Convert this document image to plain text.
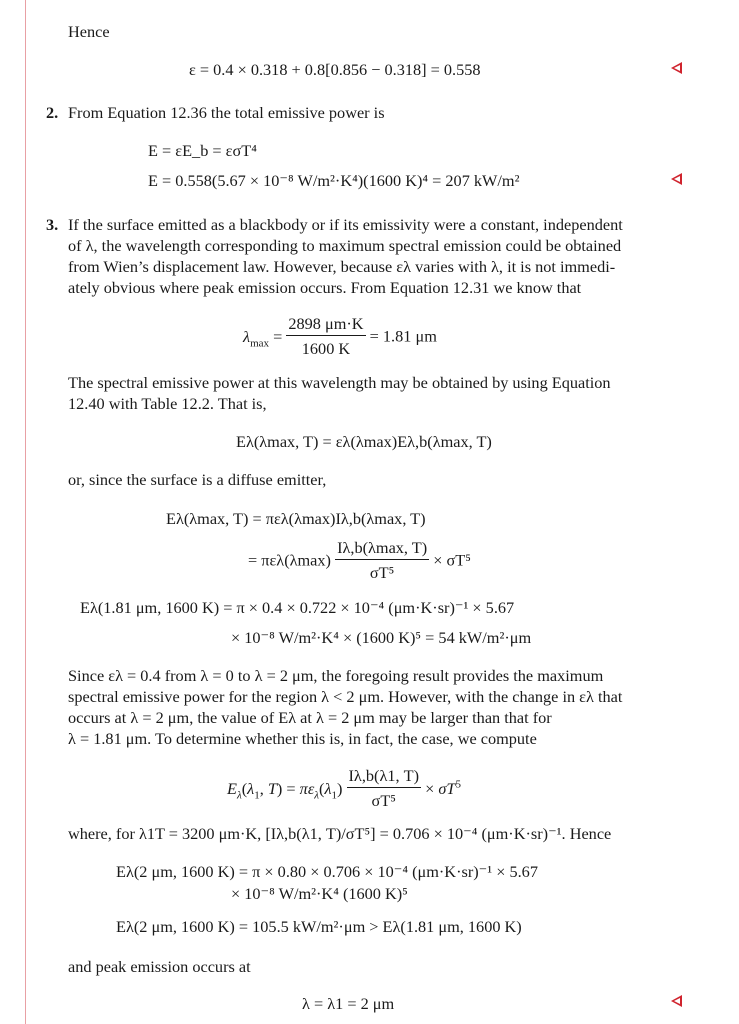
Hence
ε = 0.4 × 0.318 + 0.8[0.856 − 0.318] = 0.558
2. From Equation 12.36 the total emissive power is
E = εE_b = εσT⁴
E = 0.558(5.67 × 10⁻⁸ W/m²·K⁴)(1600 K)⁴ = 207 kW/m²
3. If the surface emitted as a blackbody or if its emissivity were a constant, independent
of λ, the wavelength corresponding to maximum spectral emission could be obtained
from Wien’s displacement law. However, because ελ varies with λ, it is not immedi-
ately obvious where peak emission occurs. From Equation 12.31 we know that
$\lambda_{max} = \frac{2898 \mu m\cdot K}{1600 K} = 1.81$ μm
The spectral emissive power at this wavelength may be obtained by using Equation
12.40 with Table 12.2. That is,
Eλ(λmax, T) = ελ(λmax)Eλ,b(λmax, T)
or, since the surface is a diffuse emitter,
Eλ(λmax, T) = πελ(λmax)Iλ,b(λmax, T)
= $\pi\varepsilon\lambda(\lambda\max) \frac{I\lambda,b(\lambda\max, T)}{\text{σT⁵}} \times \sigma T^5$
Eλ(1.81 μm, 1600 K) = π × 0.4 × 0.722 × 10⁻⁴ (μm·K·sr)⁻¹ × 5.67
× 10⁻⁸ W/m²·K⁴ × (1600 K)⁵ = 54 kW/m²·μm
Since ελ = 0.4 from λ = 0 to λ = 2 μm, the foregoing result provides the maximum
spectral emissive power for the region λ < 2 μm. However, with the change in ελ that
occurs at λ = 2 μm, the value of Eλ at λ = 2 μm may be larger than that for
λ = 1.81 μm. To determine whether this is, in fact, the case, we compute
$E_\lambda(\lambda_1$, $T) = \pi\varepsilon_\lambda(\lambda_1) \frac{I\lambda,b(\lambda 1, T)}{\text{σT⁵}} \times \sigma T^5$
where, for λ1T = 3200 μm·K, [Iλ,b(λ1, T)/σT⁵] = 0.706 × 10⁻⁴ (μm·K·sr)⁻¹. Hence
Eλ(2 μm, 1600 K) = π × 0.80 × 0.706 × 10⁻⁴ (μm·K·sr)⁻¹ × 5.67
× 10⁻⁸ W/m²·K⁴ (1600 K)⁵
Eλ(2 μm, 1600 K) = 105.5 kW/m²·μm > Eλ(1.81 μm, 1600 K)
and peak emission occurs at
λ = λ1 = 2 μm
